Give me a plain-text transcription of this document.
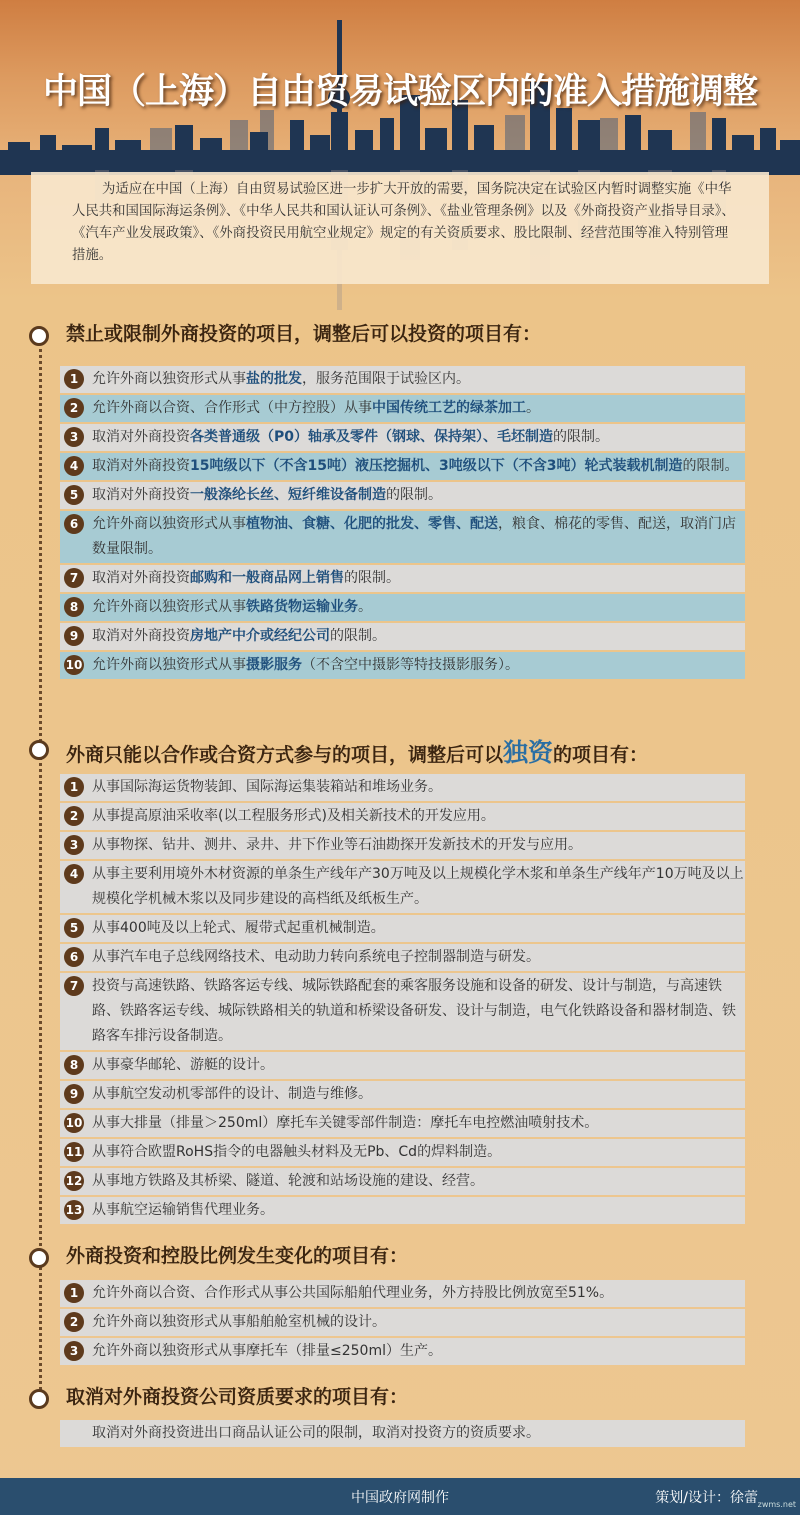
中国（上海）自由贸易试验区内的准入措施调整
为适应在中国（上海）自由贸易试验区进一步扩大开放的需要，国务院决定在试验区内暂时调整实施《中华人民共和国国际海运条例》、《中华人民共和国认证认可条例》、《盐业管理条例》以及《外商投资产业指导目录》、《汽车产业发展政策》、《外商投资民用航空业规定》规定的有关资质要求、股比限制、经营范围等准入特别管理措施。
禁止或限制外商投资的项目，调整后可以投资的项目有：
1 允许外商以独资形式从事盐的批发，服务范围限于试验区内。
2 允许外商以合资、合作形式（中方控股）从事中国传统工艺的绿茶加工。
3 取消对外商投资各类普通级（P0）轴承及零件（钢球、保持架）、毛坯制造的限制。
4 取消对外商投资15吨级以下（不含15吨）液压挖掘机、3吨级以下（不含3吨）轮式装载机制造的限制。
5 取消对外商投资一般涤纶长丝、短纤维设备制造的限制。
6 允许外商以独资形式从事植物油、食糖、化肥的批发、零售、配送，粮食、棉花的零售、配送，取消门店数量限制。
7 取消对外商投资邮购和一般商品网上销售的限制。
8 允许外商以独资形式从事铁路货物运输业务。
9 取消对外商投资房地产中介或经纪公司的限制。
10 允许外商以独资形式从事摄影服务（不含空中摄影等特技摄影服务）。
外商只能以合作或合资方式参与的项目，调整后可以独资的项目有：
1 从事国际海运货物装卸、国际海运集装箱站和堆场业务。
2 从事提高原油采收率(以工程服务形式)及相关新技术的开发应用。
3 从事物探、钻井、测井、录井、井下作业等石油勘探开发新技术的开发与应用。
4 从事主要利用境外木材资源的单条生产线年产30万吨及以上规模化学木浆和单条生产线年产10万吨及以上规模化学机械木浆以及同步建设的高档纸及纸板生产。
5 从事400吨及以上轮式、履带式起重机械制造。
6 从事汽车电子总线网络技术、电动助力转向系统电子控制器制造与研发。
7 投资与高速铁路、铁路客运专线、城际铁路配套的乘客服务设施和设备的研发、设计与制造，与高速铁路、铁路客运专线、城际铁路相关的轨道和桥梁设备研发、设计与制造，电气化铁路设备和器材制造、铁路客车排污设备制造。
8 从事豪华邮轮、游艇的设计。
9 从事航空发动机零部件的设计、制造与维修。
10 从事大排量（排量＞250ml）摩托车关键零部件制造：摩托车电控燃油喷射技术。
11 从事符合欧盟RoHS指令的电器触头材料及无Pb、Cd的焊料制造。
12 从事地方铁路及其桥梁、隧道、轮渡和站场设施的建设、经营。
13 从事航空运输销售代理业务。
外商投资和控股比例发生变化的项目有：
1 允许外商以合资、合作形式从事公共国际船舶代理业务，外方持股比例放宽至51%。
2 允许外商以独资形式从事船舶舱室机械的设计。
3 允许外商以独资形式从事摩托车（排量≤250ml）生产。
取消对外商投资公司资质要求的项目有：
取消对外商投资进出口商品认证公司的限制，取消对投资方的资质要求。
中国政府网制作	策划/设计：徐蕾 zwms.net
